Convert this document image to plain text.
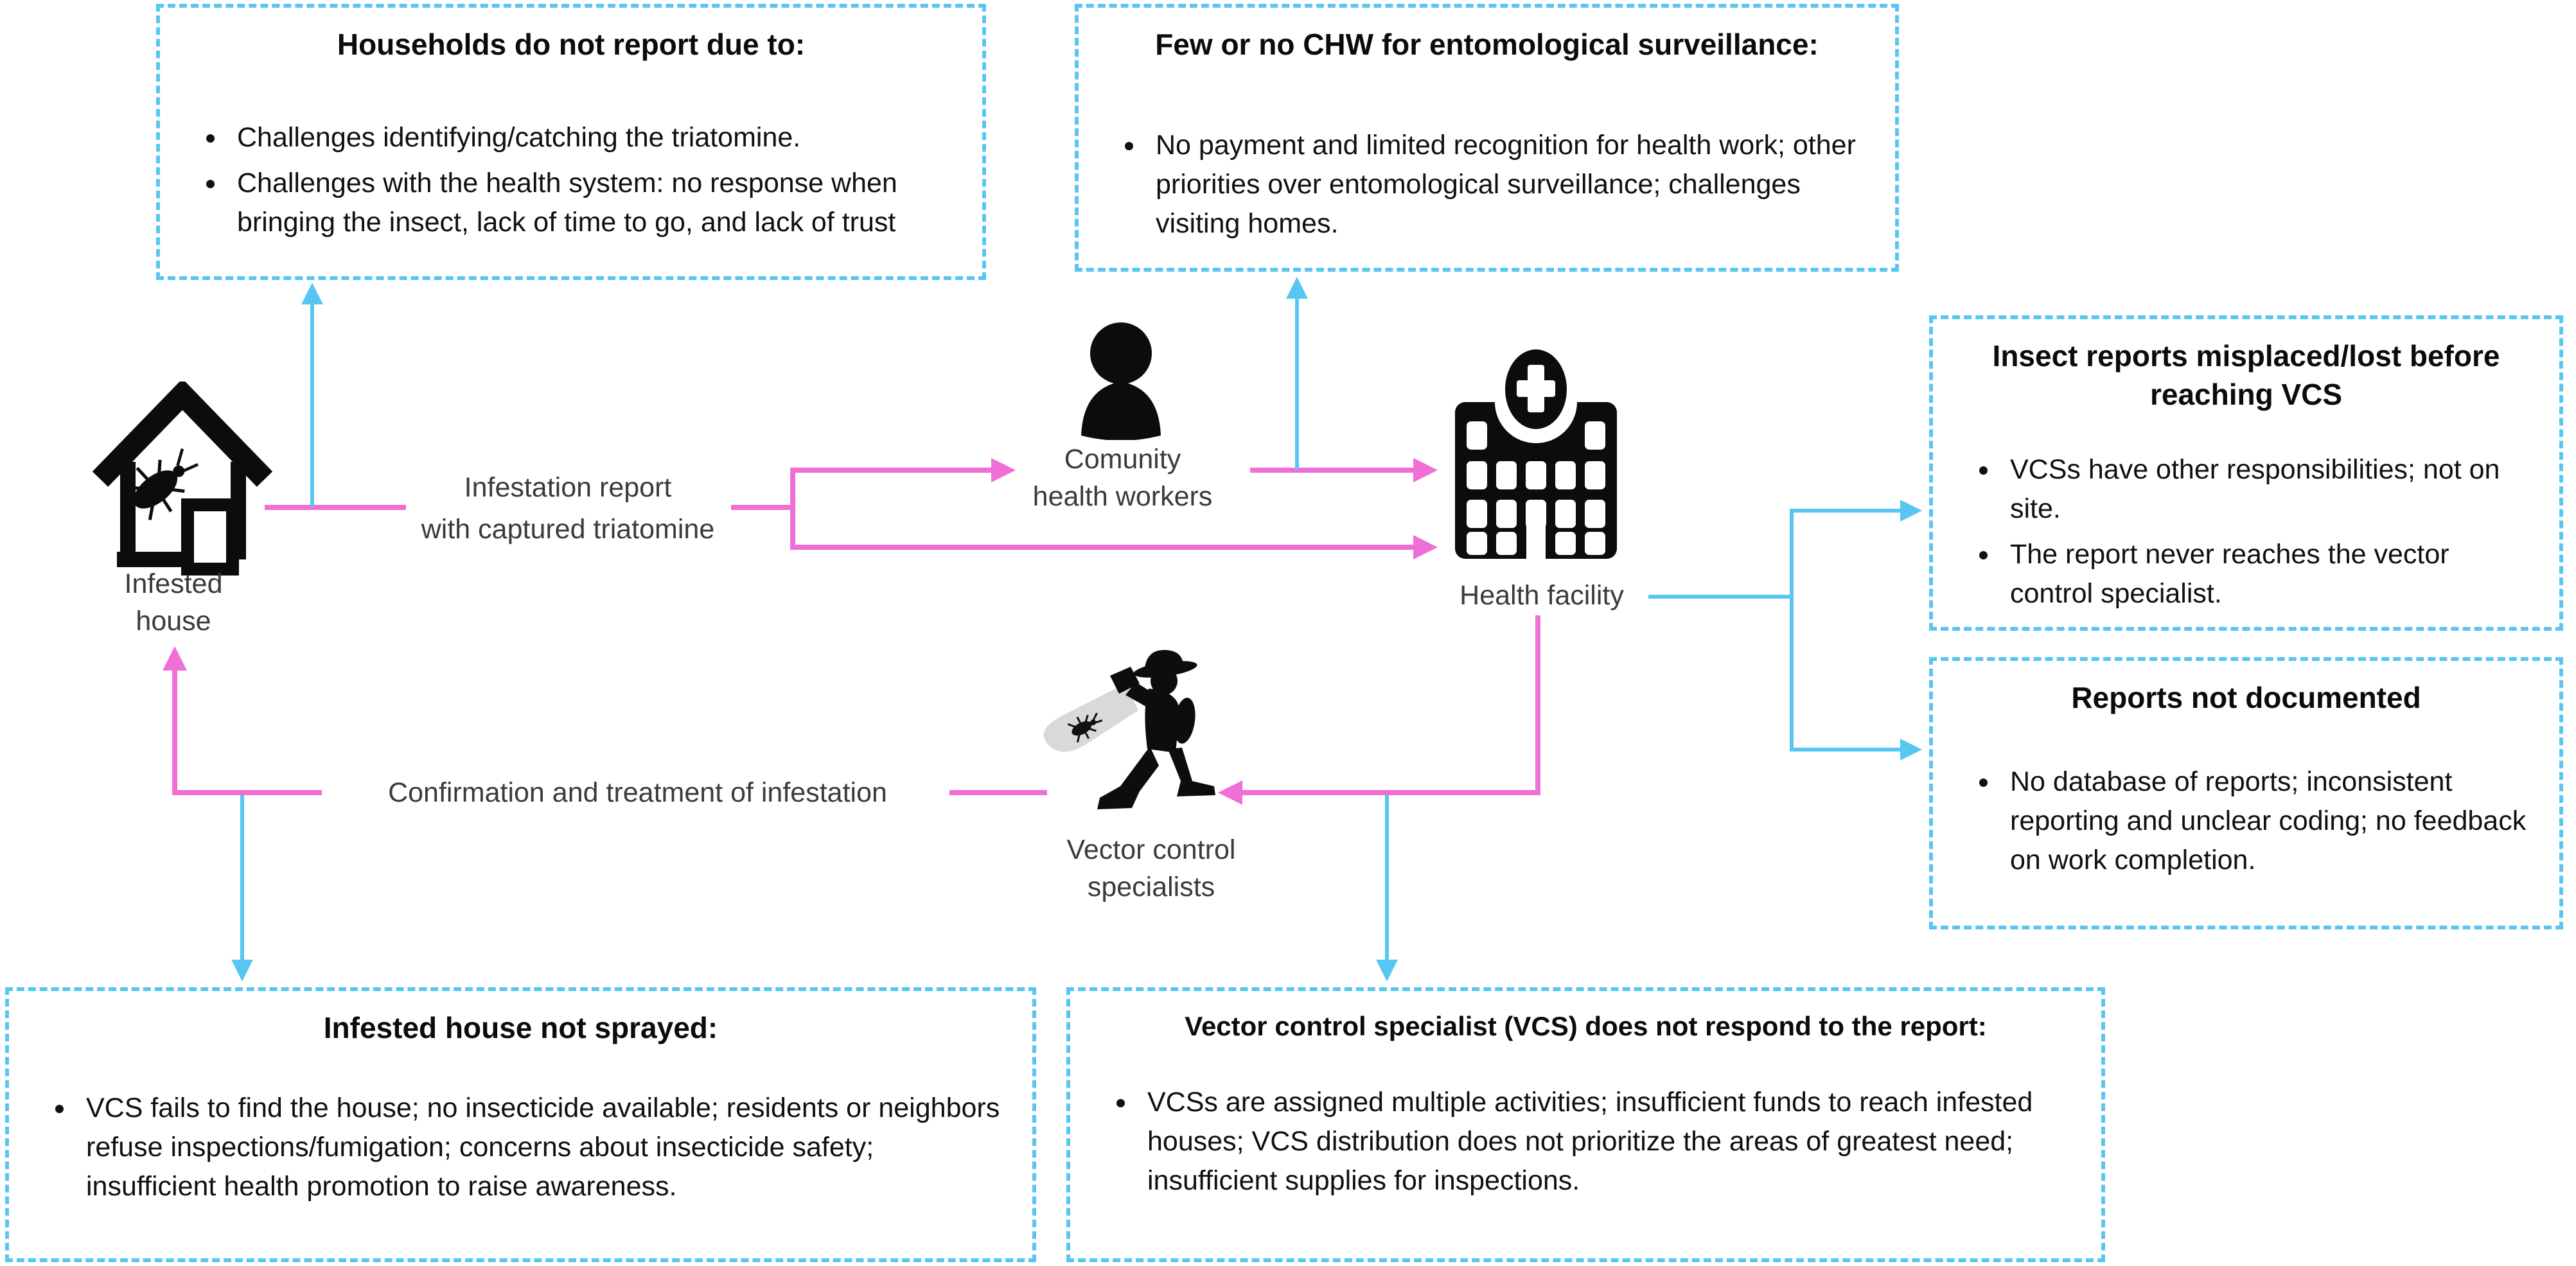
Households do not report due to:
• Challenges identifying/catching the triatomine.
• Challenges with the health system: no response when bringing the insect, lack of time to go, and lack of trust
Few or no CHW for entomological surveillance:
• No payment and limited recognition for health work; other priorities over entomological surveillance; challenges visiting homes.
Insect reports misplaced/lost before reaching VCS
• VCSs have other responsibilities; not on site.
• The report never reaches the vector control specialist.
Reports not documented
• No database of reports; inconsistent reporting and unclear coding; no feedback on work completion.
Infested house not sprayed:
• VCS fails to find the house; no insecticide available; residents or neighbors refuse inspections/fumigation; concerns about insecticide safety; insufficient health promotion to raise awareness.
Vector control specialist (VCS) does not respond to the report:
• VCSs are assigned multiple activities; insufficient funds to reach infested houses; VCS distribution does not prioritize the areas of greatest need; insufficient supplies for inspections.
Infested
house
Comunity
health workers
Health facility
Vector control
specialists
Infestation report
with captured triatomine
Confirmation and treatment of infestation
